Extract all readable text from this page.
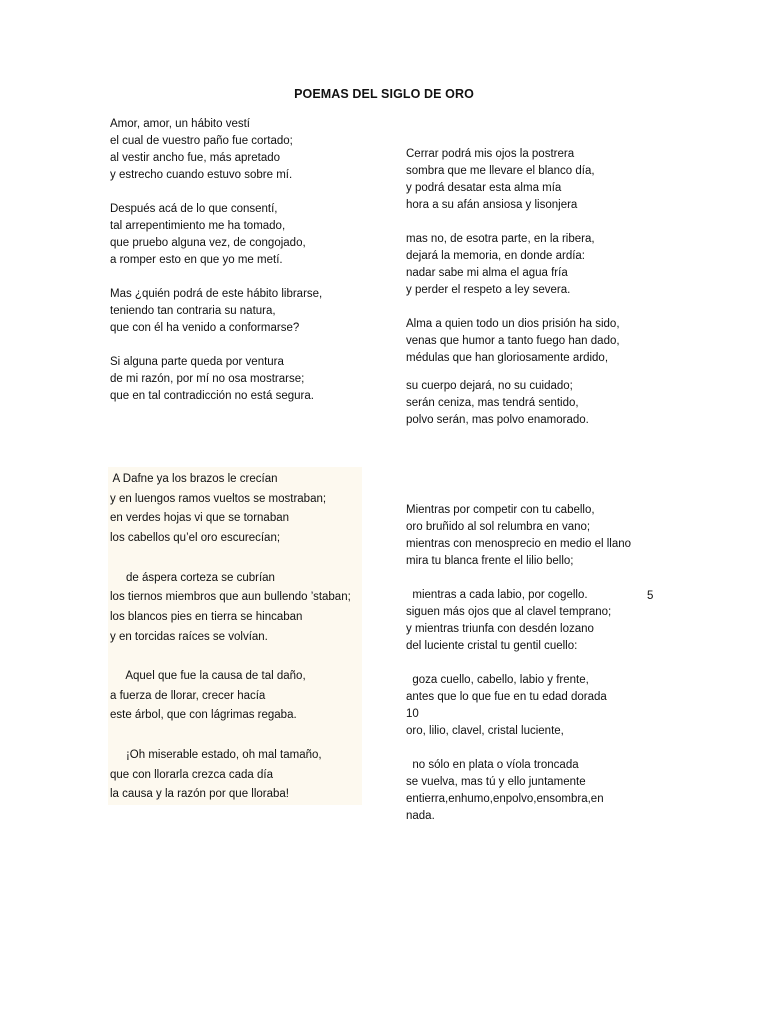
POEMAS DEL SIGLO DE ORO
Amor, amor, un hábito vestí
el cual de vuestro paño fue cortado;
al vestir ancho fue, más apretado
y estrecho cuando estuvo sobre mí.
Después acá de lo que consentí,
tal arrepentimiento me ha tomado,
que pruebo alguna vez, de congojado,
a romper esto en que yo me metí.
Mas ¿quién podrá de este hábito librarse,
teniendo tan contraria su natura,
que con él ha venido a conformarse?
Si alguna parte queda por ventura
de mi razón, por mí no osa mostrarse;
que en tal contradicción no está segura.
Cerrar podrá mis ojos la postrera
sombra que me llevare el blanco día,
y podrá desatar esta alma mía
hora a su afán ansiosa y lisonjera
mas no, de esotra parte, en la ribera,
dejará la memoria, en donde ardía:
nadar sabe mi alma el agua fría
y perder el respeto a ley severa.
Alma a quien todo un dios prisión ha sido,
venas que humor a tanto fuego han dado,
médulas que han gloriosamente ardido,
su cuerpo dejará, no su cuidado;
serán ceniza, mas tendrá sentido,
polvo serán, mas polvo enamorado.
A Dafne ya los brazos le crecían
y en luengos ramos vueltos se mostraban;
en verdes hojas vi que se tornaban
los cabellos qu’el oro escurecían;
de áspera corteza se cubrían
los tiernos miembros que aun bullendo ’staban;
los blancos pies en tierra se hincaban
y en torcidas raíces se volvían.
Aquel que fue la causa de tal daño,
a fuerza de llorar, crecer hacía
este árbol, que con lágrimas regaba.
¡Oh miserable estado, oh mal tamaño,
que con llorarla crezca cada día
la causa y la razón por que lloraba!
Mientras por competir con tu cabello,
oro bruñido al sol relumbra en vano;
mientras con menosprecio en medio el llano
mira tu blanca frente el lilio bello;
mientras a cada labio, por cogello.
siguen más ojos que al clavel temprano;
y mientras triunfa con desdén lozano
del luciente cristal tu gentil cuello:
goza cuello, cabello, labio y frente,
antes que lo que fue en tu edad dorada
10
oro, lilio, clavel, cristal luciente,
no sólo en plata o víola troncada
se vuelva, mas tú y ello juntamente
entierra,enhumo,enpolvo,ensombra,en
nada.
5
